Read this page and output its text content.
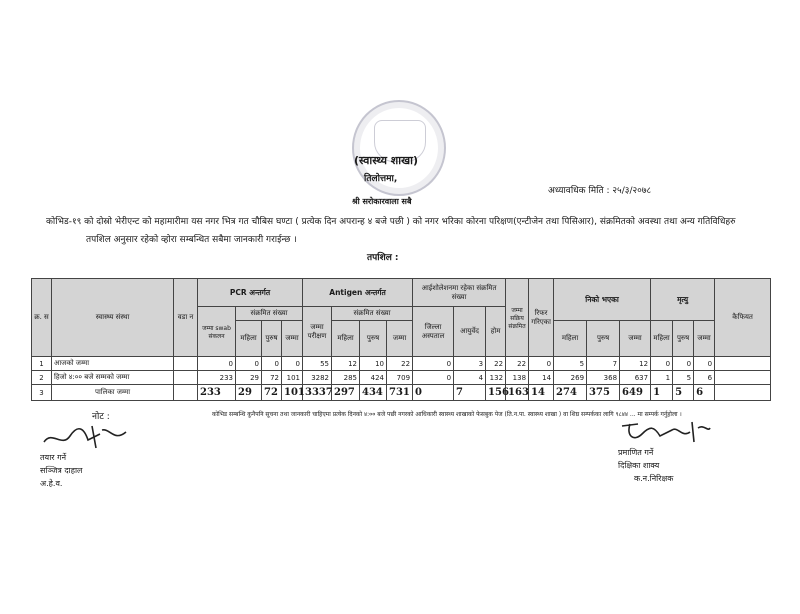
(स्वास्थ्य शाखा)
तिलोत्तमा,
श्री सरोकारवाला सबै
अध्यावधिक मिति : २५/३/२०७८
कोभिड-१९ को दोस्रो भेरीएन्ट को महामारीमा यस नगर भित्र गत चौबिस घण्टा ( प्रत्येक दिन अपरान्ह ४ बजे पछी ) को नगर भरिका कोरना परिक्षण(एन्टीजेन तथा पिसिआर), संक्रमितको अवस्था तथा अन्य गतिविधिहरु
तपशिल अनुसार रहेको व्होरा सम्बन्धित सबैमा जानकारी गराईन्छ ।
तपशिल :
क्र. स	स्वास्थ्य संस्था	वडा न	PCR अन्तर्गत				Antigen अन्तर्गत				आईशोलेशनमा रहेका संक्रमित संख्या			जम्मा सक्रिय संक्रमित	रिफर गरिएका	निको भएका			मृत्यु			कैफियत
			जम्मा swab संकलन	संक्रमित संख्या			जम्मा परीक्षण	संक्रमित संख्या			जिल्ला अस्पताल	आयुर्वेद	होम									
				महिला	पुरुष	जम्मा		महिला	पुरुष	जम्मा						महिला	पुरुष	जम्मा	महिला	पुरुष	जम्मा	
1	आजको जम्मा		0	0	0	0	55	12	10	22	0	3	22	22	0	5	7	12	0	0	0	
2	हिजो ४:०० बजे सम्मको जम्मा		233	29	72	101	3282	285	424	709	0	4	132	138	14	269	368	637	1	5	6	
3	पालिका जम्मा		233	29	72	101	3337	297	434	731	0	7	156	163	14	274	375	649	1	5	6	
नोट :	कोभिड सम्बन्धि कुनैपनि सूचना तथा जानकारी चाहिएमा प्रत्येक दिनको ४:०० बजे पछी नगरको आधिकारी स्वास्थ्य शाखाको फेसबुक पेज (ति.न.पा. स्वास्थ्य शाखा ) वा शिघ्र सम्पर्कका लागि ९८४४ ... मा सम्पर्क गर्नुहोला ।
तयार गर्ने
सञ्जित्र दाहाल
अ.हे.व.
प्रमाणित गर्ने
दिक्षिका शाक्य
क.न.निरिक्षक
